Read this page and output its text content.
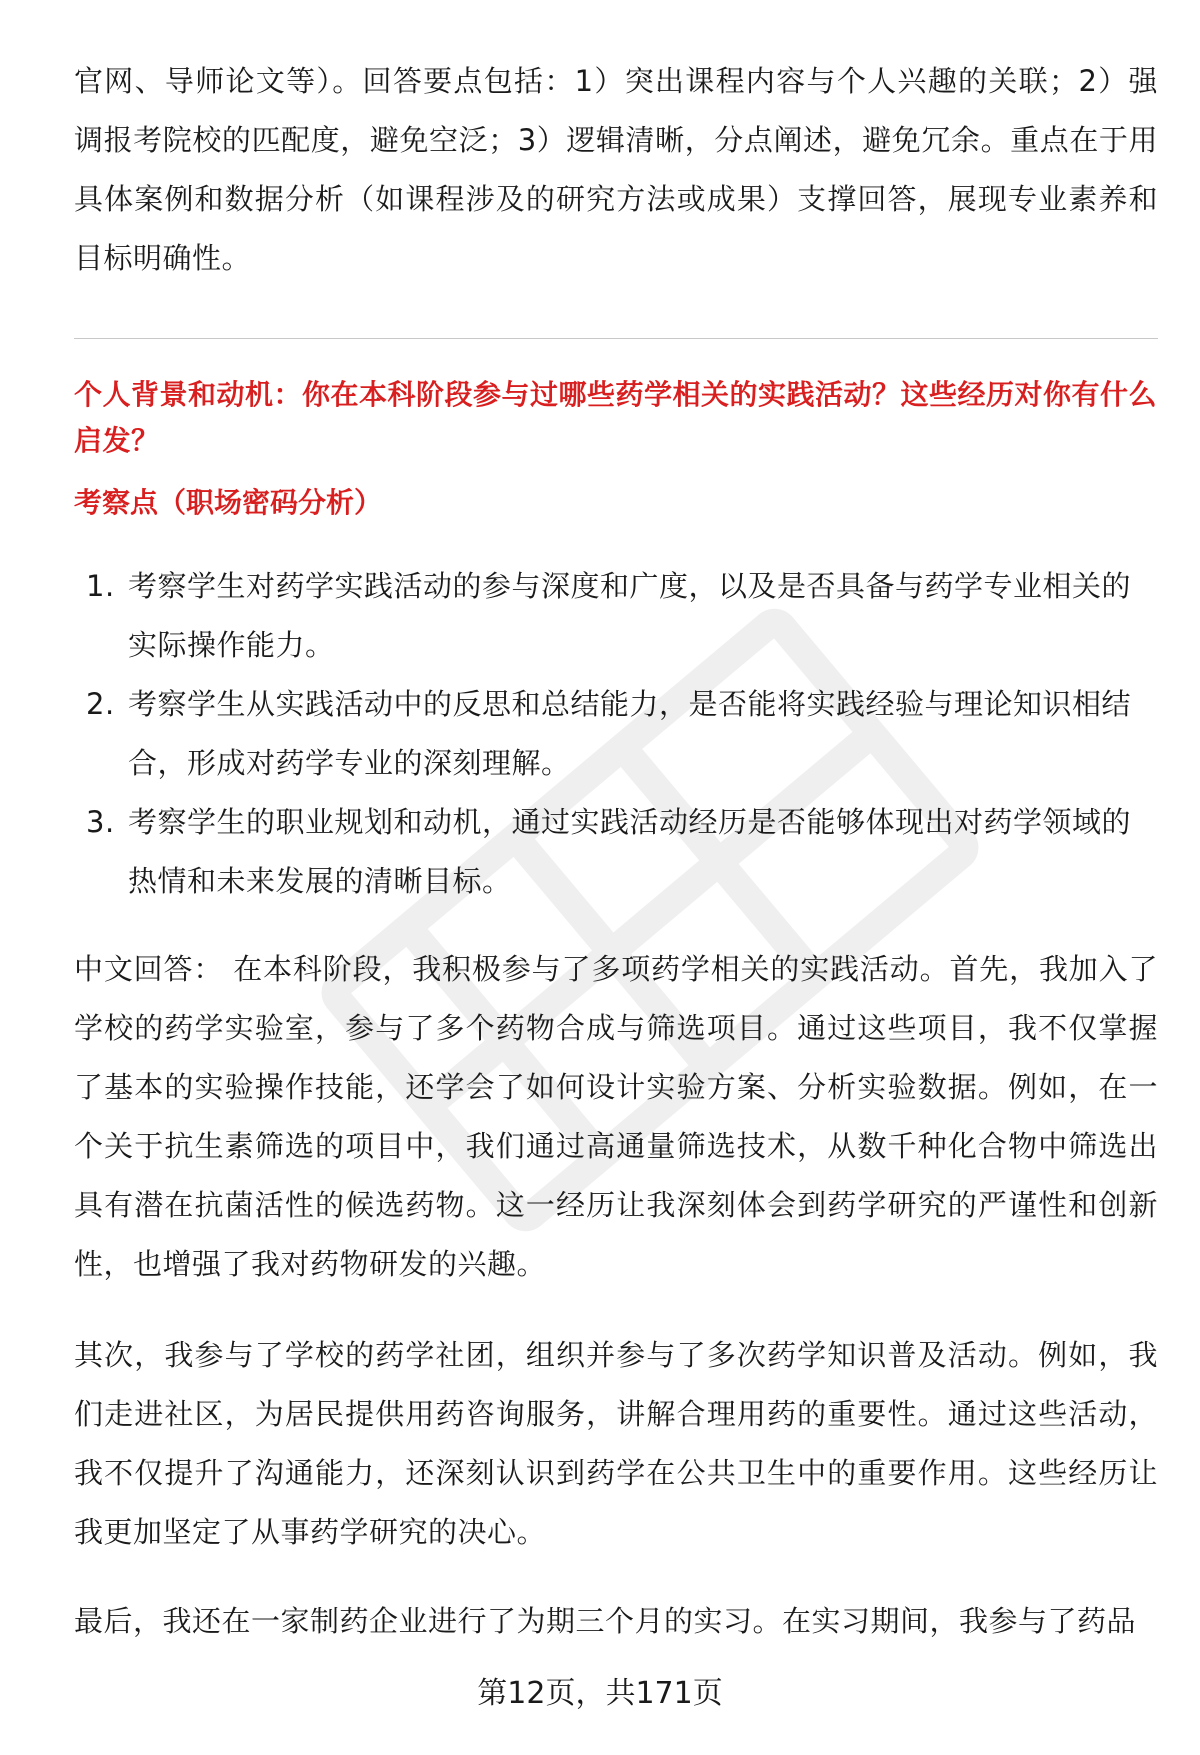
官网、导师论文等）。回答要点包括：1）突出课程内容与个人兴趣的关联；2）强调报考院校的匹配度，避免空泛；3）逻辑清晰，分点阐述，避免冗余。重点在于用具体案例和数据分析（如课程涉及的研究方法或成果）支撑回答，展现专业素养和目标明确性。

个人背景和动机：你在本科阶段参与过哪些药学相关的实践活动？这些经历对你有什么启发？
考察点（职场密码分析）
1. 考察学生对药学实践活动的参与深度和广度，以及是否具备与药学专业相关的实际操作能力。
2. 考察学生从实践活动中的反思和总结能力，是否能将实践经验与理论知识相结合，形成对药学专业的深刻理解。
3. 考察学生的职业规划和动机，通过实践活动经历是否能够体现出对药学领域的热情和未来发展的清晰目标。

中文回答： 在本科阶段，我积极参与了多项药学相关的实践活动。首先，我加入了学校的药学实验室，参与了多个药物合成与筛选项目。通过这些项目，我不仅掌握了基本的实验操作技能，还学会了如何设计实验方案、分析实验数据。例如，在一个关于抗生素筛选的项目中，我们通过高通量筛选技术，从数千种化合物中筛选出具有潜在抗菌活性的候选药物。这一经历让我深刻体会到药学研究的严谨性和创新性，也增强了我对药物研发的兴趣。

其次，我参与了学校的药学社团，组织并参与了多次药学知识普及活动。例如，我们走进社区，为居民提供用药咨询服务，讲解合理用药的重要性。通过这些活动，我不仅提升了沟通能力，还深刻认识到药学在公共卫生中的重要作用。这些经历让我更加坚定了从事药学研究的决心。

最后，我还在一家制药企业进行了为期三个月的实习。在实习期间，我参与了药品

第12页，共171页
